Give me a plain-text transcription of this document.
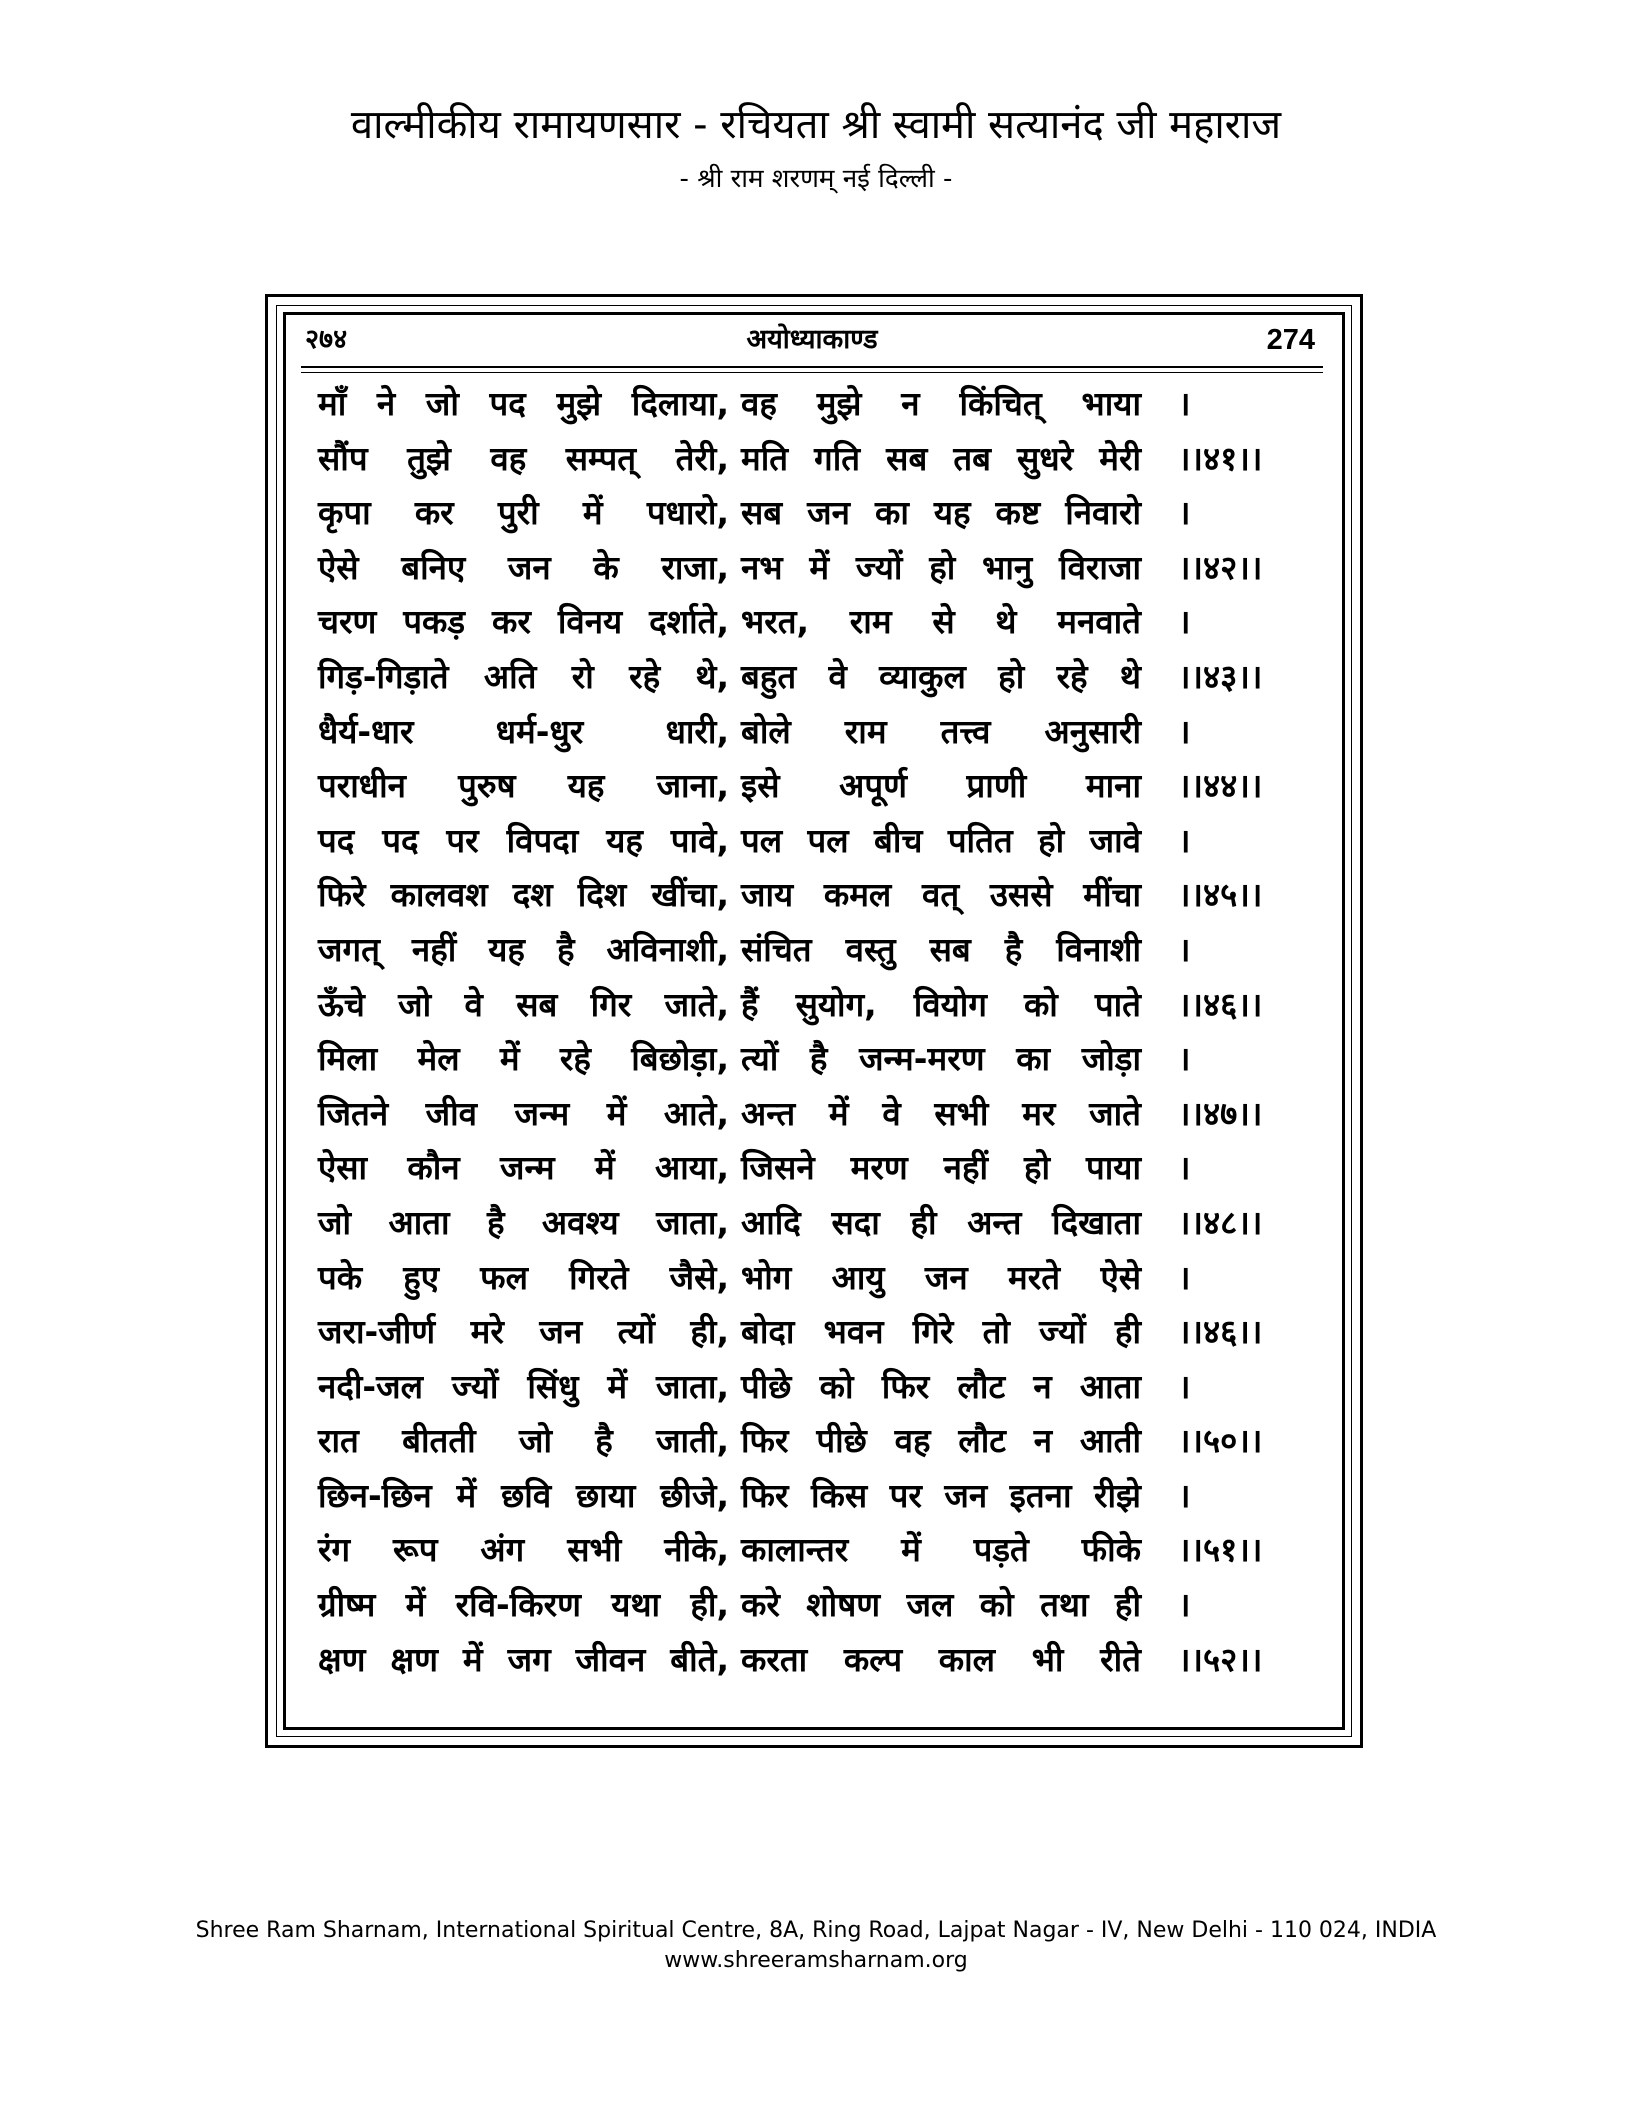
वाल्मीकीय रामायणसार - रचियता श्री स्वामी सत्यानंद जी महाराज
- श्री राम शरणम् नई दिल्ली -
२७४	अयोध्याकाण्ड	274
माँ ने जो पद मुझे दिलाया, वह मुझे न किंचित् भाया ।
सौंप तुझे वह सम्पत् तेरी, मति गति सब तब सुधरे मेरी ।।४१।।
कृपा कर पुरी में पधारो, सब जन का यह कष्ट निवारो ।
ऐसे बनिए जन के राजा, नभ में ज्यों हो भानु विराजा ।।४२।।
चरण पकड़ कर विनय दर्शाते, भरत, राम से थे मनवाते ।
गिड़-गिड़ाते अति रो रहे थे, बहुत वे व्याकुल हो रहे थे ।।४३।।
धैर्य-धार धर्म-धुर धारी, बोले राम तत्त्व अनुसारी ।
पराधीन पुरुष यह जाना, इसे अपूर्ण प्राणी माना ।।४४।।
पद पद पर विपदा यह पावे, पल पल बीच पतित हो जावे ।
फिरे कालवश दश दिश खींचा, जाय कमल वत् उससे मींचा ।।४५।।
जगत् नहीं यह है अविनाशी, संचित वस्तु सब है विनाशी ।
ऊँचे जो वे सब गिर जाते, हैं सुयोग, वियोग को पाते ।।४६।।
मिला मेल में रहे बिछोड़ा, त्यों है जन्म-मरण का जोड़ा ।
जितने जीव जन्म में आते, अन्त में वे सभी मर जाते ।।४७।।
ऐसा कौन जन्म में आया, जिसने मरण नहीं हो पाया ।
जो आता है अवश्य जाता, आदि सदा ही अन्त दिखाता ।।४८।।
पके हुए फल गिरते जैसे, भोग आयु जन मरते ऐसे ।
जरा-जीर्ण मरे जन त्यों ही, बोदा भवन गिरे तो ज्यों ही ।।४६।।
नदी-जल ज्यों सिंधु में जाता, पीछे को फिर लौट न आता ।
रात बीतती जो है जाती, फिर पीछे वह लौट न आती ।।५०।।
छिन-छिन में छवि छाया छीजे, फिर किस पर जन इतना रीझे ।
रंग रूप अंग सभी नीके, कालान्तर में पड़ते फीके ।।५१।।
ग्रीष्म में रवि-किरण यथा ही, करे शोषण जल को तथा ही ।
क्षण क्षण में जग जीवन बीते, करता कल्प काल भी रीते ।।५२।।
Shree Ram Sharnam, International Spiritual Centre, 8A, Ring Road, Lajpat Nagar - IV, New Delhi - 110 024, INDIA
www.shreeramsharnam.org
